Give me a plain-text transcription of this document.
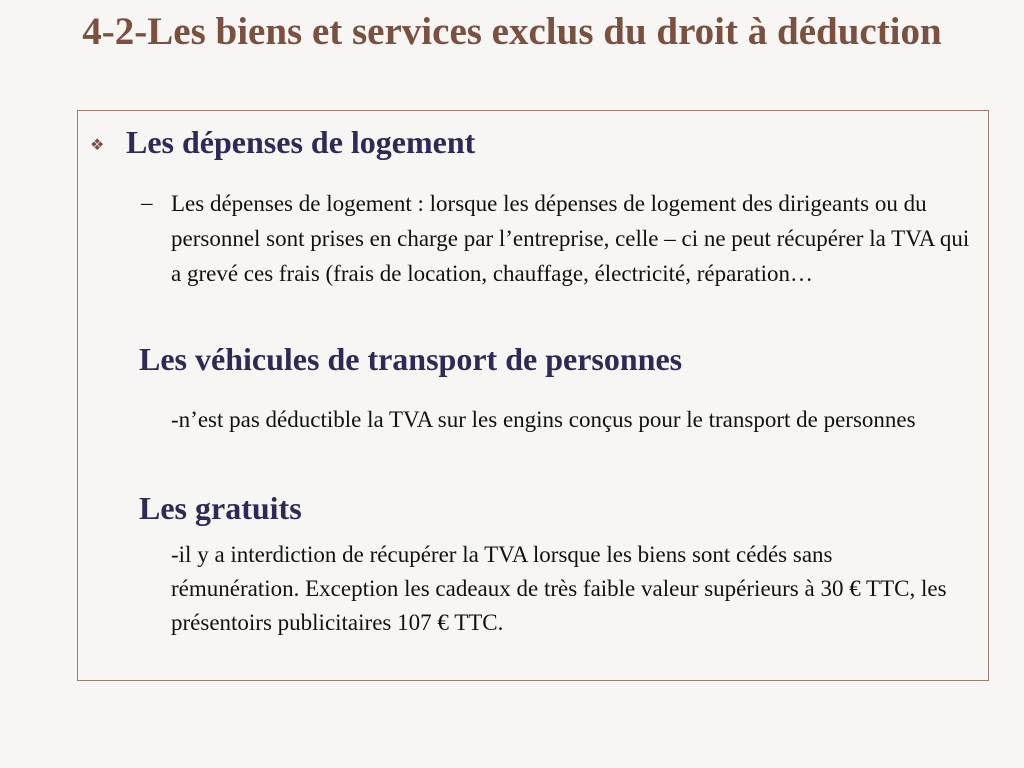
4-2-Les biens et services exclus du droit à déduction
❖ Les dépenses de logement
– Les dépenses de logement : lorsque les dépenses de logement des dirigeants ou du personnel sont prises en charge par l’entreprise, celle – ci ne peut récupérer la TVA qui a grevé ces frais (frais de location, chauffage, électricité, réparation…

Les véhicules de transport de personnes

-n’est pas déductible la TVA sur les engins conçus pour le transport de personnes

Les gratuits

-il y a interdiction de récupérer la TVA lorsque les biens sont cédés sans rémunération. Exception les cadeaux de très faible valeur supérieurs à 30 € TTC, les présentoirs publicitaires 107 € TTC.
